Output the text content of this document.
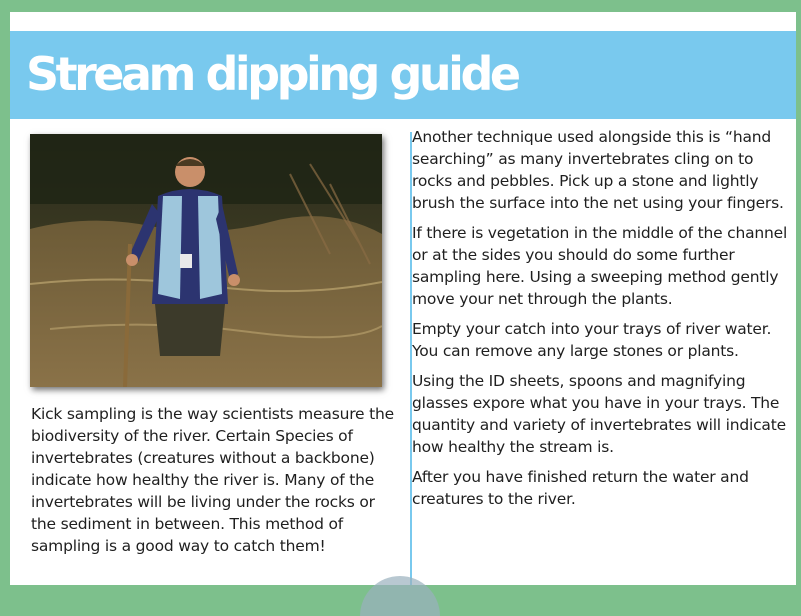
Stream dipping guide

Kick sampling is the way scientists measure the biodiversity of the river. Certain Species of invertebrates (creatures without a backbone) indicate how healthy the river is. Many of the invertebrates will be living under the rocks or the sediment in between. This method of sampling is a good way to catch them!

Another technique used alongside this is “hand searching” as many invertebrates cling on to rocks and pebbles. Pick up a stone and lightly brush the surface into the net using your fingers.

If there is vegetation in the middle of the channel or at the sides you should do some further sampling here. Using a sweeping method gently move your net through the plants.

Empty your catch into your trays of river water. You can remove any large stones or plants.

Using the ID sheets, spoons and magnifying glasses expore what you have in your trays. The quantity and variety of invertebrates will indicate how healthy the stream is.

After you have finished return the water and creatures to the river.
